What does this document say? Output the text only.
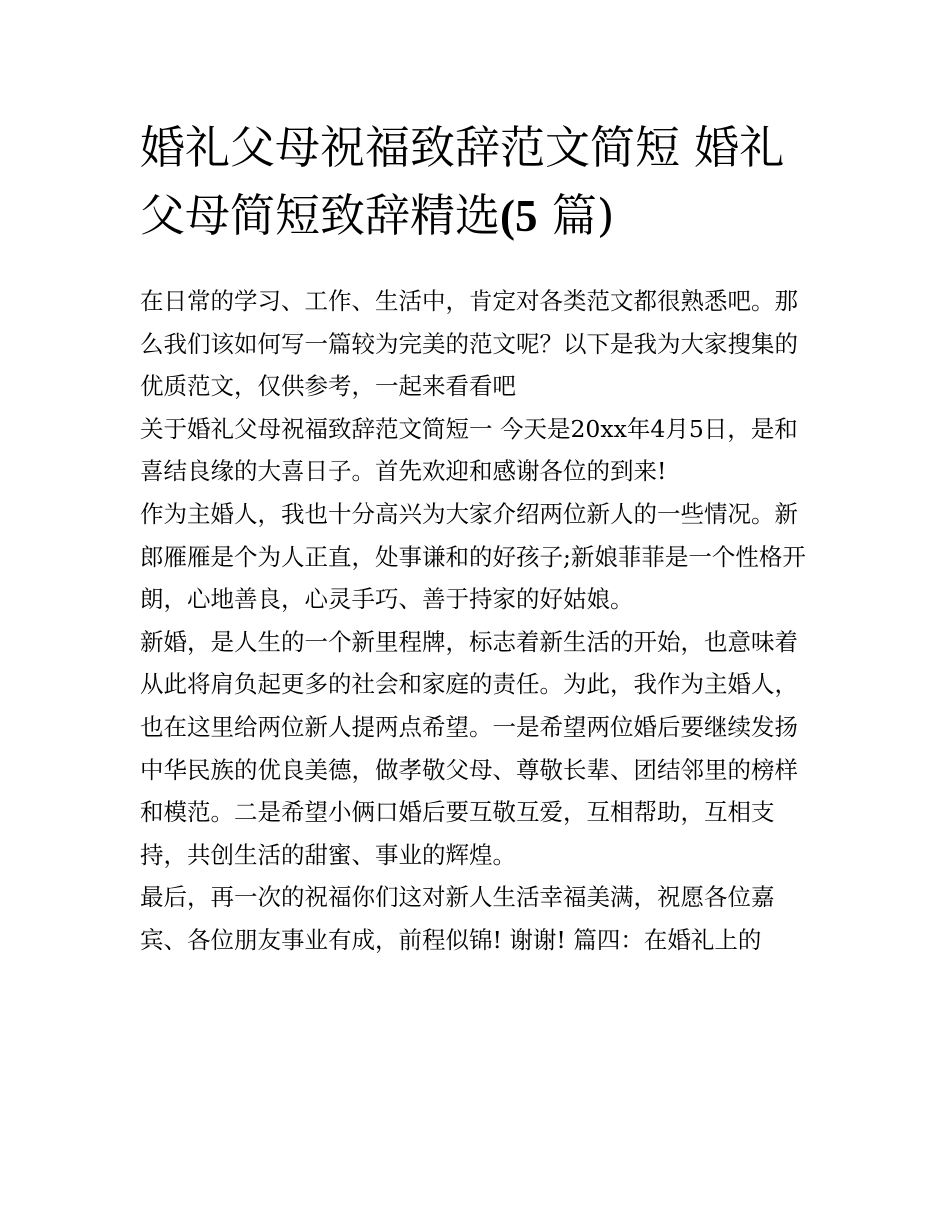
婚礼父母祝福致辞范文简短 婚礼父母简短致辞精选(5 篇)

在日常的学习、工作、生活中，肯定对各类范文都很熟悉吧。那么我们该如何写一篇较为完美的范文呢？以下是我为大家搜集的优质范文，仅供参考，一起来看看吧

关于婚礼父母祝福致辞范文简短一 今天是20xx年4月5日，是和喜结良缘的大喜日子。首先欢迎和感谢各位的到来!

作为主婚人，我也十分高兴为大家介绍两位新人的一些情况。新郎雁雁是个为人正直，处事谦和的好孩子;新娘菲菲是一个性格开朗，心地善良，心灵手巧、善于持家的好姑娘。

新婚，是人生的一个新里程牌，标志着新生活的开始，也意味着从此将肩负起更多的社会和家庭的责任。为此，我作为主婚人，也在这里给两位新人提两点希望。一是希望两位婚后要继续发扬中华民族的优良美德，做孝敬父母、尊敬长辈、团结邻里的榜样和模范。二是希望小俩口婚后要互敬互爱，互相帮助，互相支持，共创生活的甜蜜、事业的辉煌。

最后，再一次的祝福你们这对新人生活幸福美满，祝愿各位嘉宾、各位朋友事业有成，前程似锦! 谢谢! 篇四：在婚礼上的
